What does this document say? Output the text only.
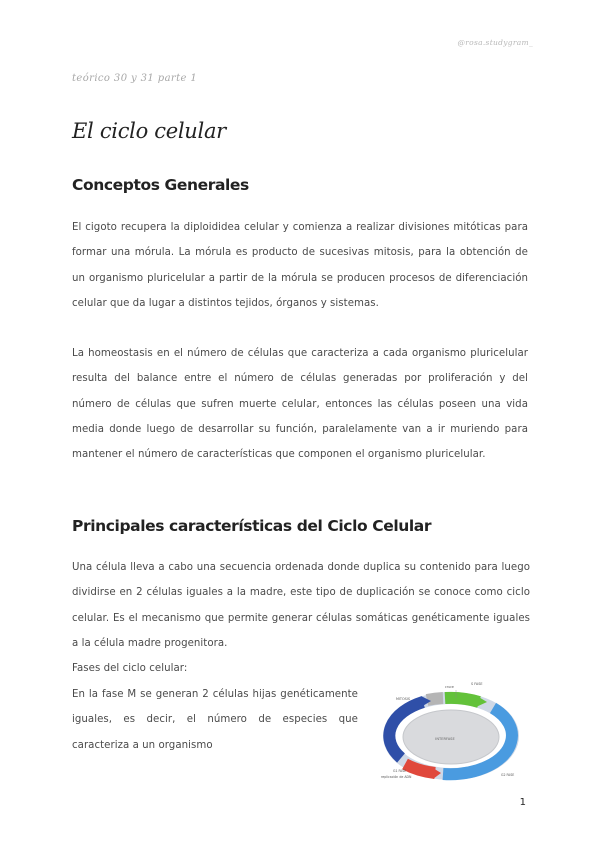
@rosa.studygram_
teórico 30 y 31 parte 1
El ciclo celular
Conceptos Generales

El cigoto recupera la diploididea celular y comienza a realizar divisiones mitóticas para formar una mórula. La mórula es producto de sucesivas mitosis, para la obtención de un organismo pluricelular a partir de la mórula se producen procesos de diferenciación celular que da lugar a distintos tejidos, órganos y sistemas.

La homeostasis en el número de células que caracteriza a cada organismo pluricelular resulta del balance entre el número de células generadas por proliferación y del número de células que sufren muerte celular, entonces las células poseen una vida media donde luego de desarrollar su función, paralelamente van a ir muriendo para mantener el número de características que componen el organismo pluricelular.

Principales características del Ciclo Celular

Una célula lleva a cabo una secuencia ordenada donde duplica su contenido para luego dividirse en 2 células iguales a la madre, este tipo de duplicación se conoce como ciclo celular. Es el mecanismo que permite generar células somáticas genéticamente iguales a la célula madre progenitora.

Fases del ciclo celular:

En la fase M se generan 2 células hijas genéticamente iguales, es decir, el número de especies que caracteriza a un organismo

INTERFASE
S FASE
MITOSIS
cruce
G2 FASE
G1 FASE
replicación de ADN
1
